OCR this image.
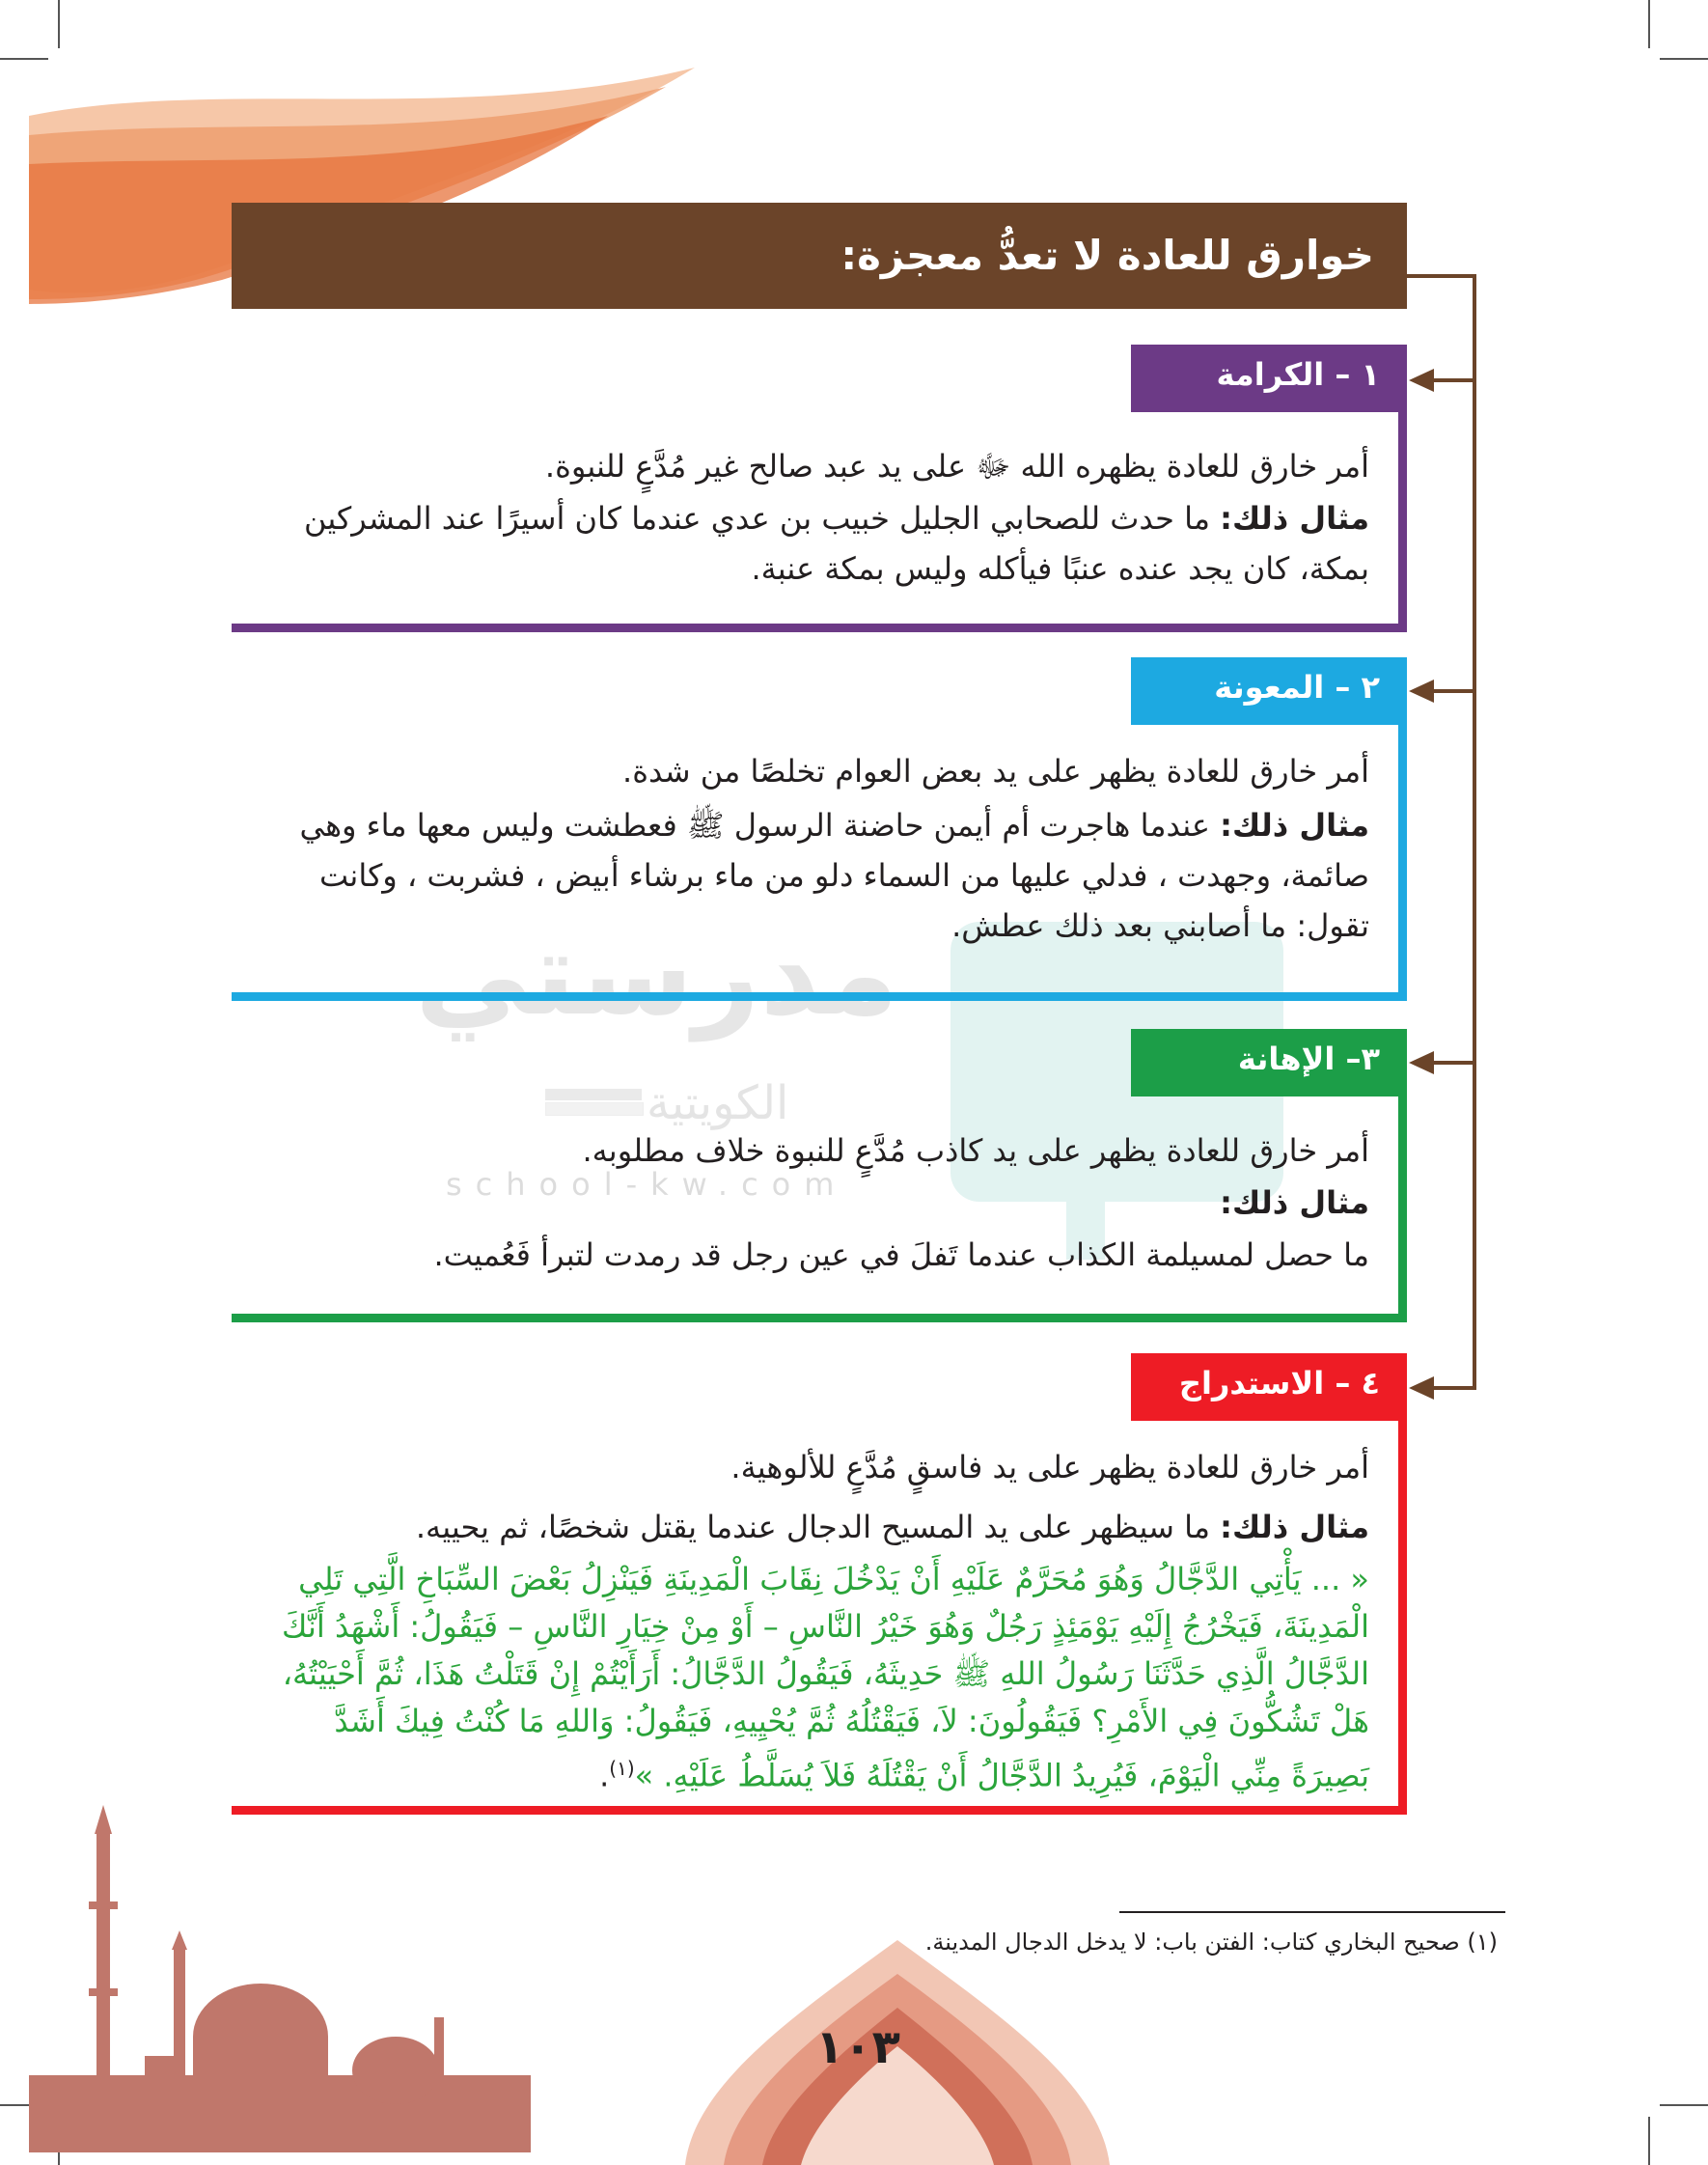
مدرستي
الكويتية
school-kw.com
خوارق للعادة لا تعدُّ معجزة:
١ – الكرامة
أمر خارق للعادة يظهره الله ﷻ على يد عبد صالح غير مُدَّعٍ للنبوة.
مثال ذلك: ما حدث للصحابي الجليل خبيب بن عدي عندما كان أسيرًا عند المشركين بمكة، كان يجد عنده عنبًا فيأكله وليس بمكة عنبة.
٢ – المعونة
أمر خارق للعادة يظهر على يد بعض العوام تخلصًا من شدة.
مثال ذلك: عندما هاجرت أم أيمن حاضنة الرسول ﷺ فعطشت وليس معها ماء وهي صائمة، وجهدت ، فدلي عليها من السماء دلو من ماء برشاء أبيض ، فشربت ، وكانت تقول: ما أصابني بعد ذلك عطش.
٣– الإهانة
أمر خارق للعادة يظهر على يد كاذب مُدَّعٍ للنبوة خلاف مطلوبه.
مثال ذلك:
ما حصل لمسيلمة الكذاب عندما تَفلَ في عين رجل قد رمدت لتبرأ فَعُميت.
٤ – الاستدراج
أمر خارق للعادة يظهر على يد فاسقٍ مُدَّعٍ للألوهية.
مثال ذلك: ما سيظهر على يد المسيح الدجال عندما يقتل شخصًا، ثم يحييه.
« ... يَأْتِي الدَّجَّالُ وَهُوَ مُحَرَّمٌ عَلَيْهِ أَنْ يَدْخُلَ نِقَابَ الْمَدِينَةِ فَيَنْزِلُ بَعْضَ السِّبَاخِ الَّتِي تَلِي الْمَدِينَةَ، فَيَخْرُجُ إِلَيْهِ يَوْمَئِذٍ رَجُلٌ وَهُوَ خَيْرُ النَّاسِ – أَوْ مِنْ خِيَارِ النَّاسِ – فَيَقُولُ: أَشْهَدُ أَنَّكَ الدَّجَّالُ الَّذِي حَدَّثَنَا رَسُولُ اللهِ ﷺ حَدِيثَهُ، فَيَقُولُ الدَّجَّالُ: أَرَأَيْتُمْ إِنْ قَتَلْتُ هَذَا، ثُمَّ أَحْيَيْتُهُ، هَلْ تَشُكُّونَ فِي الأَمْرِ؟ فَيَقُولُونَ: لاَ، فَيَقْتُلُهُ ثُمَّ يُحْيِيهِ، فَيَقُولُ: وَاللهِ مَا كُنْتُ فِيكَ أَشَدَّ بَصِيرَةً مِنِّي الْيَوْمَ، فَيُرِيدُ الدَّجَّالُ أَنْ يَقْتُلَهُ فَلاَ يُسَلَّطُ عَلَيْهِ. »$^{(١)}$.
(١) صحيح البخاري كتاب: الفتن باب: لا يدخل الدجال المدينة.
١٠٣
